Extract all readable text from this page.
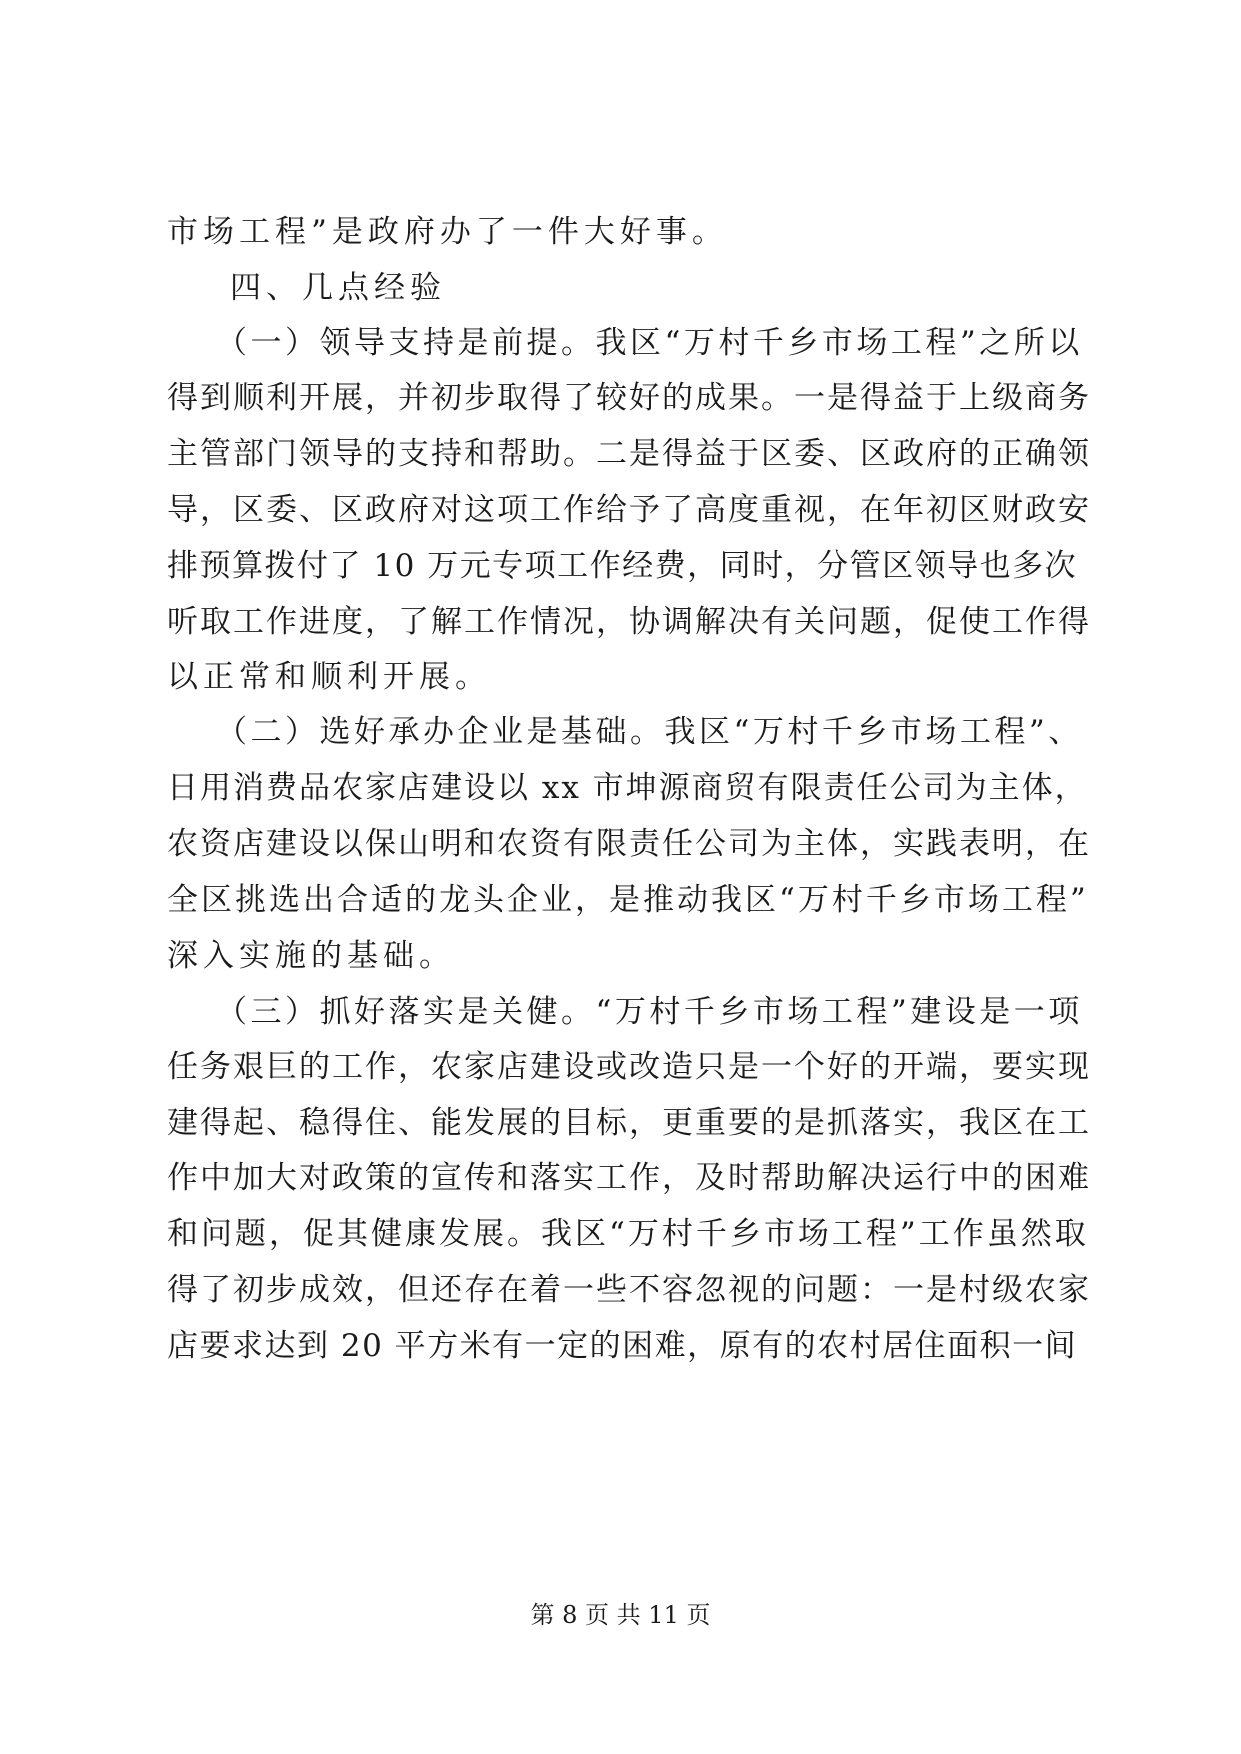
市场工程”是政府办了一件大好事。
四、几点经验
（一）领导支持是前提。我区“万村千乡市场工程”之所以
得到顺利开展，并初步取得了较好的成果。一是得益于上级商务
主管部门领导的支持和帮助。二是得益于区委、区政府的正确领
导，区委、区政府对这项工作给予了高度重视，在年初区财政安
排预算拨付了 10 万元专项工作经费，同时，分管区领导也多次
听取工作进度，了解工作情况，协调解决有关问题，促使工作得
以正常和顺利开展。
（二）选好承办企业是基础。我区“万村千乡市场工程”、
日用消费品农家店建设以 xx 市坤源商贸有限责任公司为主体，
农资店建设以保山明和农资有限责任公司为主体，实践表明，在
全区挑选出合适的龙头企业，是推动我区“万村千乡市场工程”
深入实施的基础。
（三）抓好落实是关健。“万村千乡市场工程”建设是一项
任务艰巨的工作，农家店建设或改造只是一个好的开端，要实现
建得起、稳得住、能发展的目标，更重要的是抓落实，我区在工
作中加大对政策的宣传和落实工作，及时帮助解决运行中的困难
和问题，促其健康发展。我区“万村千乡市场工程”工作虽然取
得了初步成效，但还存在着一些不容忽视的问题：一是村级农家
店要求达到 20 平方米有一定的困难，原有的农村居住面积一间
第 8 页 共 11 页
